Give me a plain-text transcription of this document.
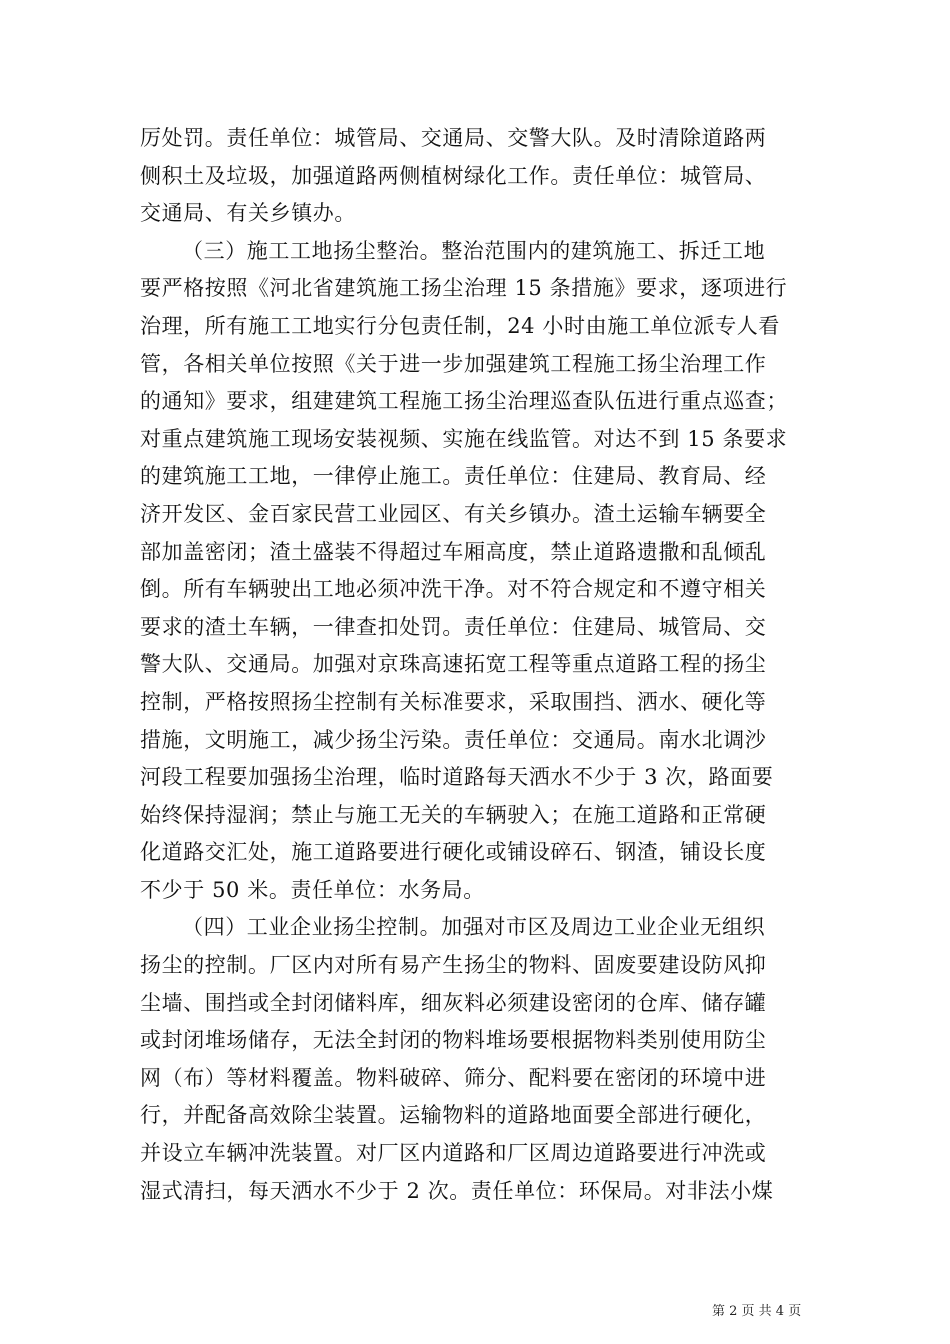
厉处罚。责任单位：城管局、交通局、交警大队。及时清除道路两
侧积土及垃圾，加强道路两侧植树绿化工作。责任单位：城管局、
交通局、有关乡镇办。
（三）施工工地扬尘整治。整治范围内的建筑施工、拆迁工地
要严格按照《河北省建筑施工扬尘治理 15 条措施》要求，逐项进行
治理，所有施工工地实行分包责任制，24 小时由施工单位派专人看
管，各相关单位按照《关于进一步加强建筑工程施工扬尘治理工作
的通知》要求，组建建筑工程施工扬尘治理巡查队伍进行重点巡查；
对重点建筑施工现场安装视频、实施在线监管。对达不到 15 条要求
的建筑施工工地，一律停止施工。责任单位：住建局、教育局、经
济开发区、金百家民营工业园区、有关乡镇办。渣土运输车辆要全
部加盖密闭；渣土盛装不得超过车厢高度，禁止道路遗撒和乱倾乱
倒。所有车辆驶出工地必须冲洗干净。对不符合规定和不遵守相关
要求的渣土车辆，一律查扣处罚。责任单位：住建局、城管局、交
警大队、交通局。加强对京珠高速拓宽工程等重点道路工程的扬尘
控制，严格按照扬尘控制有关标准要求，采取围挡、洒水、硬化等
措施，文明施工，减少扬尘污染。责任单位：交通局。南水北调沙
河段工程要加强扬尘治理，临时道路每天洒水不少于 3 次，路面要
始终保持湿润；禁止与施工无关的车辆驶入；在施工道路和正常硬
化道路交汇处，施工道路要进行硬化或铺设碎石、钢渣，铺设长度
不少于 50 米。责任单位：水务局。
（四）工业企业扬尘控制。加强对市区及周边工业企业无组织
扬尘的控制。厂区内对所有易产生扬尘的物料、固废要建设防风抑
尘墙、围挡或全封闭储料库，细灰料必须建设密闭的仓库、储存罐
或封闭堆场储存，无法全封闭的物料堆场要根据物料类别使用防尘
网（布）等材料覆盖。物料破碎、筛分、配料要在密闭的环境中进
行，并配备高效除尘装置。运输物料的道路地面要全部进行硬化，
并设立车辆冲洗装置。对厂区内道路和厂区周边道路要进行冲洗或
湿式清扫，每天洒水不少于 2 次。责任单位：环保局。对非法小煤
第 2 页 共 4 页
